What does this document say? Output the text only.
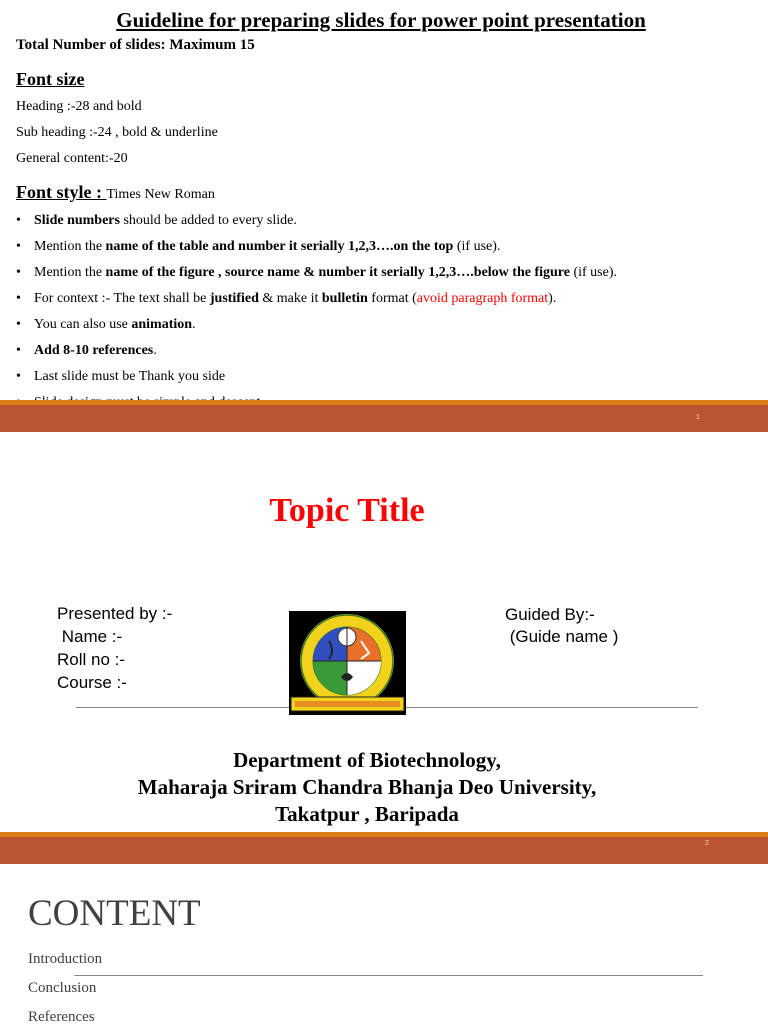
Guideline for preparing slides for power point presentation
Total Number of slides: Maximum 15
Font size
Heading :-28 and bold
Sub heading :-24 , bold & underline
General content:-20
Font style : Times New Roman
• Slide numbers should be added to every slide.
• Mention the name of the table and number it serially 1,2,3….on the top (if use).
• Mention the name of the figure , source name & number it serially 1,2,3….below the figure (if use).
• For context :- The text shall be justified & make it bulletin format (avoid paragraph format).
• You can also use animation.
• Add 8-10 references.
• Last slide must be Thank you side
•
1
Topic Title
Presented by :-
Name :-
Roll no :-
Course :-
Guided By:-
(Guide name )
Department of Biotechnology,
Maharaja Sriram Chandra Bhanja Deo University,
Takatpur , Baripada
2
CONTENT
Introduction
Conclusion
References
